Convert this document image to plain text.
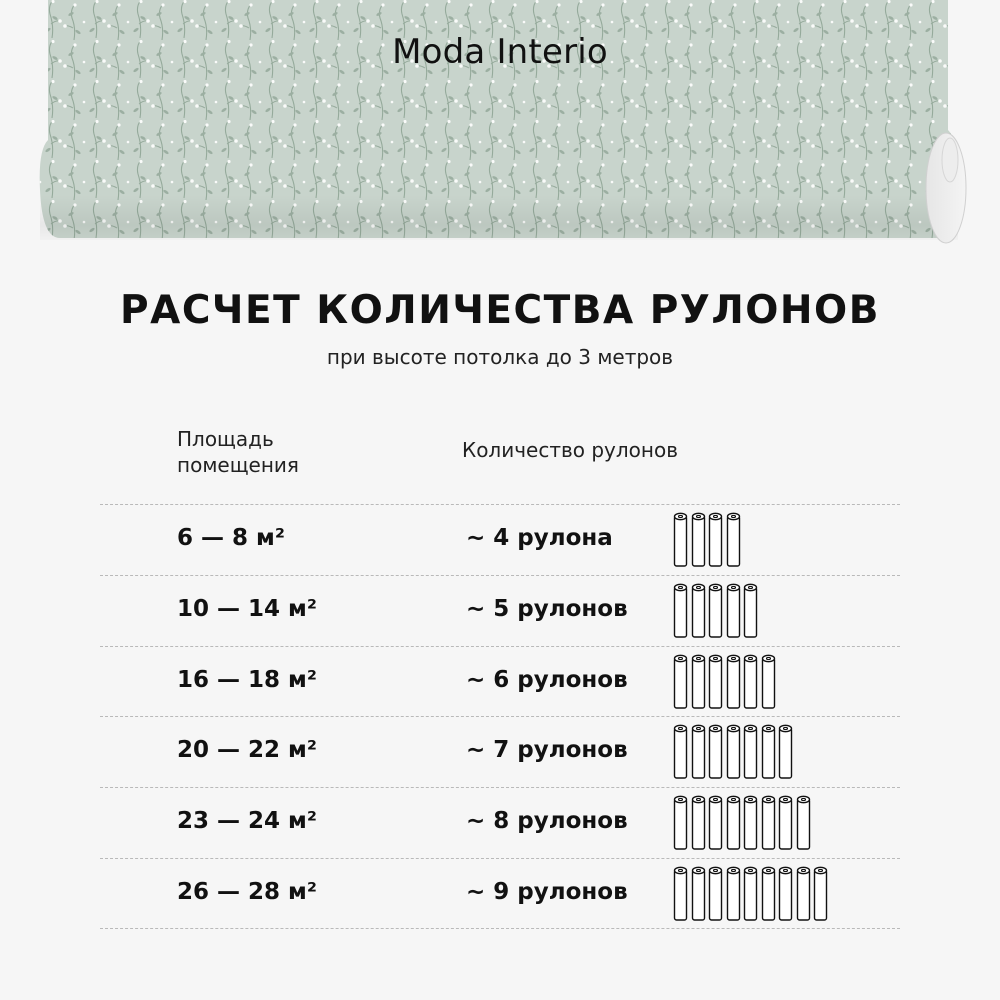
Moda Interio
РАСЧЕТ КОЛИЧЕСТВА РУЛОНОВ
при высоте потолка до 3 метров
Площадь помещения
Количество рулонов
6 — 8 м²	~ 4 рулона
10 — 14 м²	~ 5 рулонов
16 — 18 м²	~ 6 рулонов
20 — 22 м²	~ 7 рулонов
23 — 24 м²	~ 8 рулонов
26 — 28 м²	~ 9 рулонов
